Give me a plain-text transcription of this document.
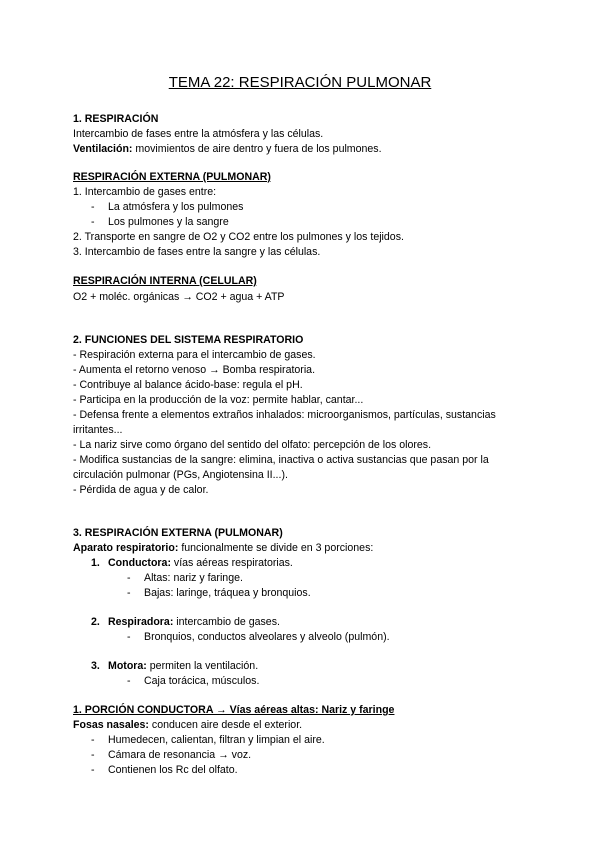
TEMA 22: RESPIRACIÓN PULMONAR
1. RESPIRACIÓN
Intercambio de fases entre la atmósfera y las células.
Ventilación: movimientos de aire dentro y fuera de los pulmones.
RESPIRACIÓN EXTERNA (PULMONAR)
1. Intercambio de gases entre:
- La atmósfera y los pulmones
- Los pulmones y la sangre
2. Transporte en sangre de O2 y CO2 entre los pulmones y los tejidos.
3. Intercambio de fases entre la sangre y las células.
RESPIRACIÓN INTERNA (CELULAR)
O2 + moléc. orgánicas → CO2 + agua + ATP
2. FUNCIONES DEL SISTEMA RESPIRATORIO
- Respiración externa para el intercambio de gases.
- Aumenta el retorno venoso → Bomba respiratoria.
- Contribuye al balance ácido-base: regula el pH.
- Participa en la producción de la voz: permite hablar, cantar...
- Defensa frente a elementos extraños inhalados: microorganismos, partículas, sustancias
irritantes...
- La nariz sirve como órgano del sentido del olfato: percepción de los olores.
- Modifica sustancias de la sangre: elimina, inactiva o activa sustancias que pasan por la
circulación pulmonar (PGs, Angiotensina II...).
- Pérdida de agua y de calor.
3. RESPIRACIÓN EXTERNA (PULMONAR)
Aparato respiratorio: funcionalmente se divide en 3 porciones:
1. Conductora: vías aéreas respiratorias.
- Altas: nariz y faringe.
- Bajas: laringe, tráquea y bronquios.
2. Respiradora: intercambio de gases.
- Bronquios, conductos alveolares y alveolo (pulmón).
3. Motora: permiten la ventilación.
- Caja torácica, músculos.
1. PORCIÓN CONDUCTORA → Vías aéreas altas: Nariz y faringe
Fosas nasales: conducen aire desde el exterior.
- Humedecen, calientan, filtran y limpian el aire.
- Cámara de resonancia → voz.
- Contienen los Rc del olfato.
